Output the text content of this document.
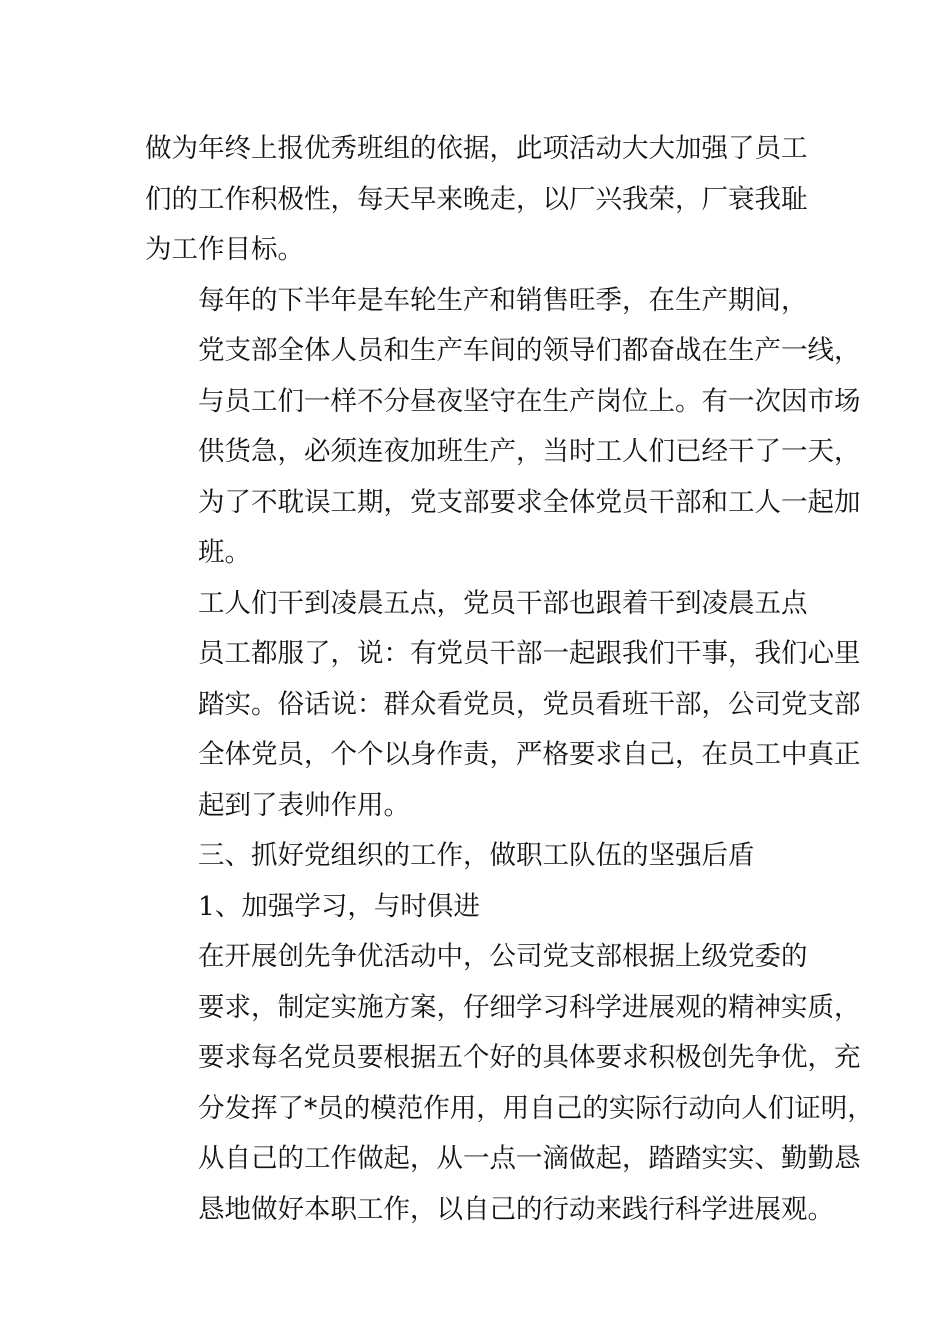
做为年终上报优秀班组的依据，此项活动大大加强了员工
们的工作积极性，每天早来晚走，以厂兴我荣，厂衰我耻
为工作目标。

每年的下半年是车轮生产和销售旺季，在生产期间，
党支部全体人员和生产车间的领导们都奋战在生产一线，
与员工们一样不分昼夜坚守在生产岗位上。有一次因市场
供货急，必须连夜加班生产，当时工人们已经干了一天，
为了不耽误工期，党支部要求全体党员干部和工人一起加
班。

工人们干到凌晨五点，党员干部也跟着干到凌晨五点
员工都服了，说：有党员干部一起跟我们干事，我们心里
踏实。俗话说：群众看党员，党员看班干部，公司党支部
全体党员，个个以身作责，严格要求自己，在员工中真正
起到了表帅作用。

三、抓好党组织的工作，做职工队伍的坚强后盾

1、加强学习，与时俱进

在开展创先争优活动中，公司党支部根据上级党委的
要求，制定实施方案，仔细学习科学进展观的精神实质，
要求每名党员要根据五个好的具体要求积极创先争优，充
分发挥了*员的模范作用，用自己的实际行动向人们证明，
从自己的工作做起，从一点一滴做起，踏踏实实、勤勤恳
恳地做好本职工作，以自己的行动来践行科学进展观。
